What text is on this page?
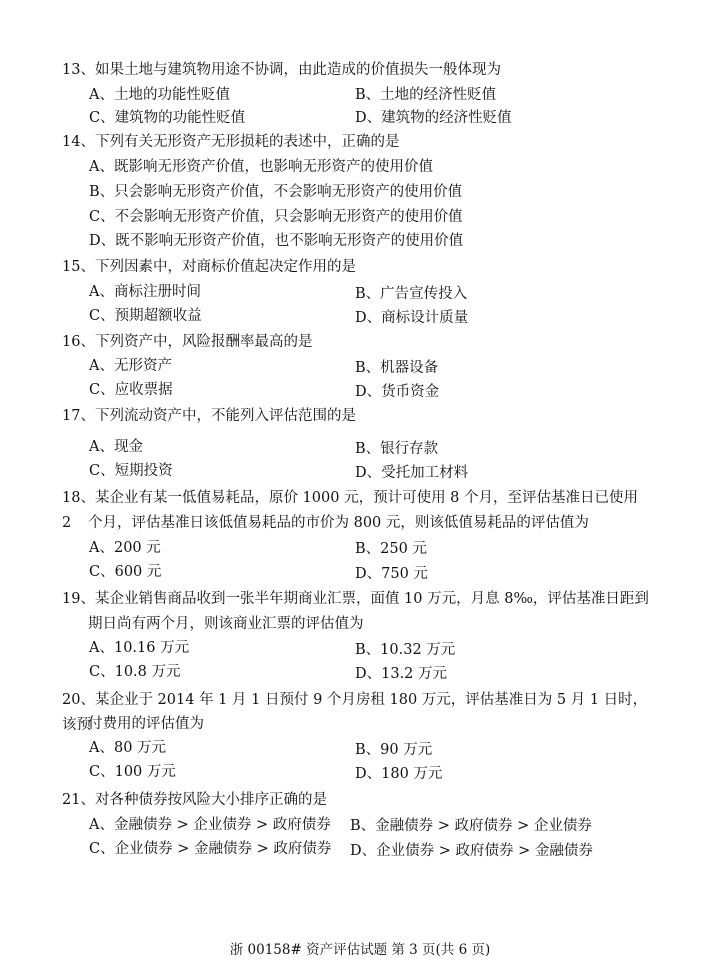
13、如果土地与建筑物用途不协调，由此造成的价值损失一般体现为
A、土地的功能性贬值	B、土地的经济性贬值
C、建筑物的功能性贬值	D、建筑物的经济性贬值
14、下列有关无形资产无形损耗的表述中，正确的是
A、既影响无形资产价值，也影响无形资产的使用价值
B、只会影响无形资产价值，不会影响无形资产的使用价值
C、不会影响无形资产价值，只会影响无形资产的使用价值
D、既不影响无形资产价值，也不影响无形资产的使用价值
15、下列因素中，对商标价值起决定作用的是
A、商标注册时间	B、广告宣传投入
C、预期超额收益	D、商标设计质量
16、下列资产中，风险报酬率最高的是
A、无形资产	B、机器设备
C、应收票据	D、货币资金
17、下列流动资产中，不能列入评估范围的是
A、现金	B、银行存款
C、短期投资	D、受托加工材料
18、某企业有某一低值易耗品，原价 1000 元，预计可使用 8 个月，至评估基准日已使用 2	个月，评估基准日该低值易耗品的市价为 800 元，则该低值易耗品的评估值为
A、200 元	B、250 元
C、600 元	D、750 元
19、某企业销售商品收到一张半年期商业汇票，面值 10 万元，月息 8‰，评估基准日距到
期日尚有两个月，则该商业汇票的评估值为
A、10.16 万元	B、10.32 万元
C、10.8 万元	D、13.2 万元
20、某企业于 2014 年 1 月 1 日预付 9 个月房租 180 万元，评估基准日为 5 月 1 日时，该预
付费用的评估值为
A、80 万元	B、90 万元
C、100 万元	D、180 万元
21、对各种债券按风险大小排序正确的是
A、金融债券 > 企业债券 > 政府债券 B、金融债券 > 政府债券 > 企业债券
C、企业债券 > 金融债券 > 政府债券 D、企业债券 > 政府债券 > 金融债券
浙 00158# 资产评估试题 第 3 页(共 6 页)
